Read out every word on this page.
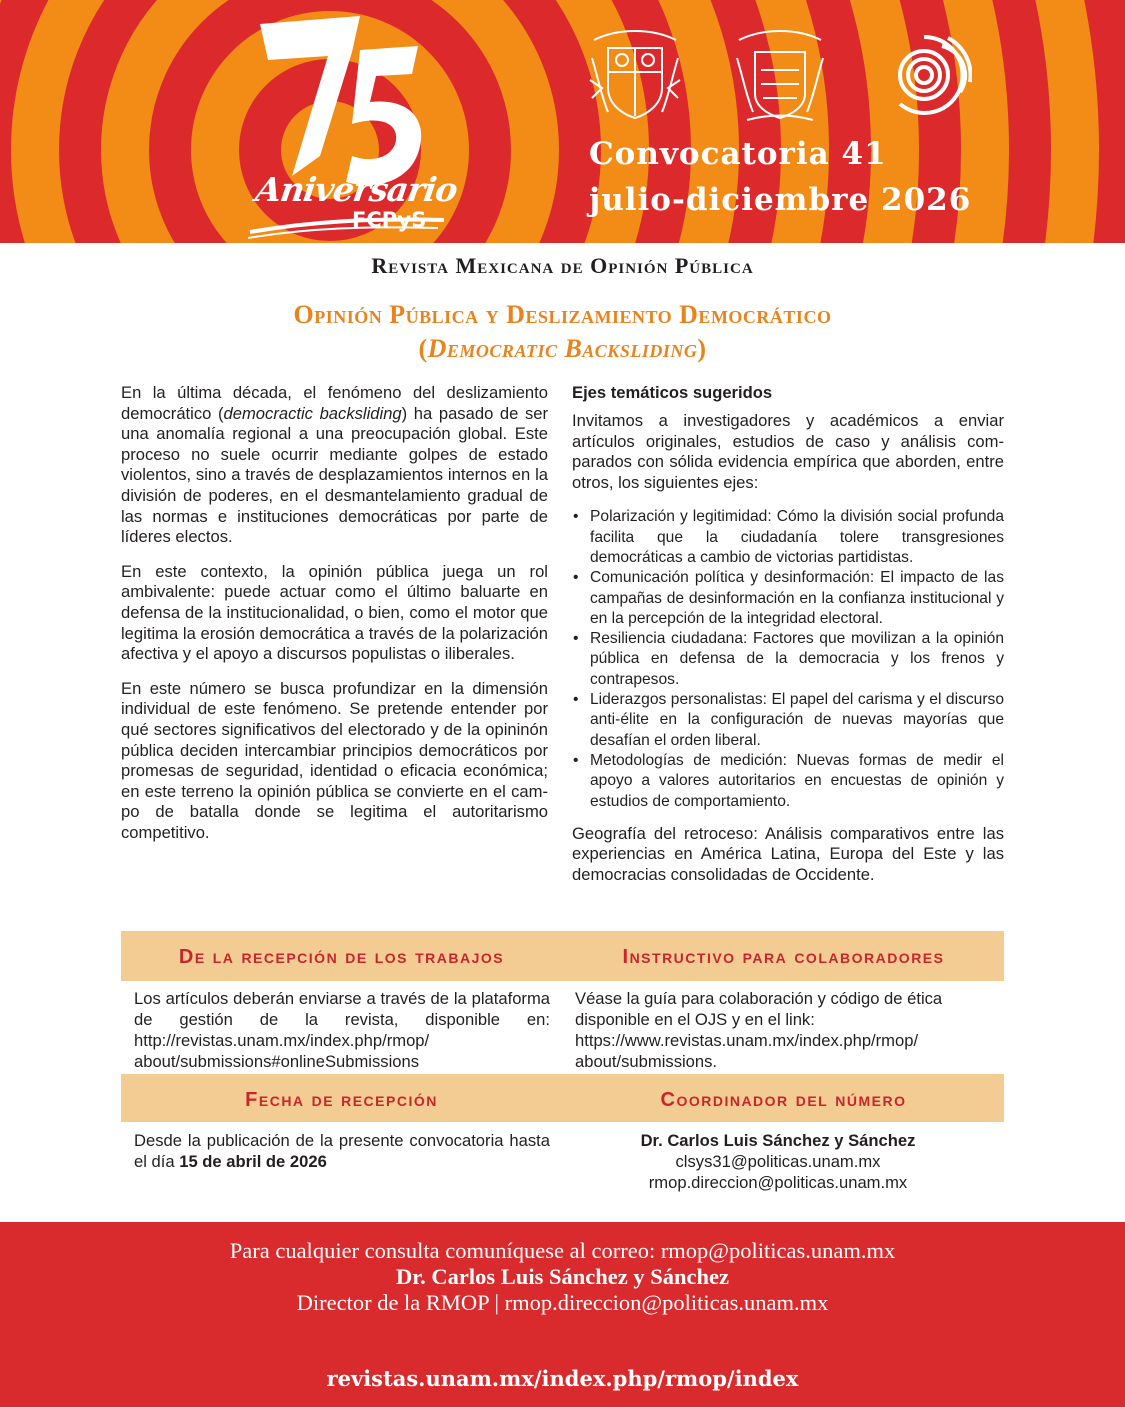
Aniversario
FCPyS
Convocatoria 41
julio-diciembre 2026
Revista Mexicana de Opinión Pública
Opinión Pública y Deslizamiento Democrático
(Democratic Backsliding)

En la última década, el fenómeno del deslizamiento democrático (democractic backsliding) ha pasado de ser una anomalía regional a una preocupación global. Este proceso no suele ocurrir mediante golpes de estado violentos, sino a través de desplazamientos internos en la división de poderes, en el desmantelamiento gradual de las normas e instituciones democráticas por parte de líderes electos.

En este contexto, la opinión pública juega un rol ambivalente: puede actuar como el último baluarte en defensa de la institucionalidad, o bien, como el motor que legitima la erosión democrática a través de la polarización afectiva y el apoyo a discursos populistas o iliberales.

En este número se busca profundizar en la dimensión individual de este fenómeno. Se pretende entender por qué sectores significativos del electorado y de la opininón pública deciden intercambiar principios democráticos por promesas de seguridad, identidad o eficacia económica; en este terreno la opinión pública se convierte en el campo de batalla donde se legitima el autoritarismo competitivo.

Ejes temáticos sugeridos

Invitamos a investigadores y académicos a enviar artículos originales, estudios de caso y análisis comparados con sólida evidencia empírica que aborden, entre otros, los siguientes ejes:

• Polarización y legitimidad: Cómo la división social profunda facilita que la ciudadanía tolere transgresiones democráticas a cambio de victorias partidistas.
• Comunicación política y desinformación: El impacto de las campañas de desinformación en la confianza institucional y en la percepción de la integridad electoral.
• Resiliencia ciudadana: Factores que movilizan a la opinión pública en defensa de la democracia y los frenos y contrapesos.
• Liderazgos personalistas: El papel del carisma y el discurso anti-élite en la configuración de nuevas mayorías que desafían el orden liberal.
• Metodologías de medición: Nuevas formas de medir el apoyo a valores autoritarios en encuestas de opinión y estudios de comportamiento.

Geografía del retroceso: Análisis comparativos entre las experiencias en América Latina, Europa del Este y las democracias consolidadas de Occidente.

De la recepción de los trabajos	Instructivo para colaboradores
Los artículos deberán enviarse a través de la plataforma de gestión de la revista, disponible en: http://revistas.unam.mx/index.php/rmop/ about/submissions#onlineSubmissions
Véase la guía para colaboración y código de ética disponible en el OJS y en el link: https://www.revistas.unam.mx/index.php/rmop/ about/submissions.
Fecha de recepción	Coordinador del número
Desde la publicación de la presente convocatoria hasta el día 15 de abril de 2026
Dr. Carlos Luis Sánchez y Sánchez
clsys31@politicas.unam.mx
rmop.direccion@politicas.unam.mx
Para cualquier consulta comuníquese al correo: rmop@politicas.unam.mx
Dr. Carlos Luis Sánchez y Sánchez
Director de la RMOP | rmop.direccion@politicas.unam.mx
revistas.unam.mx/index.php/rmop/index
